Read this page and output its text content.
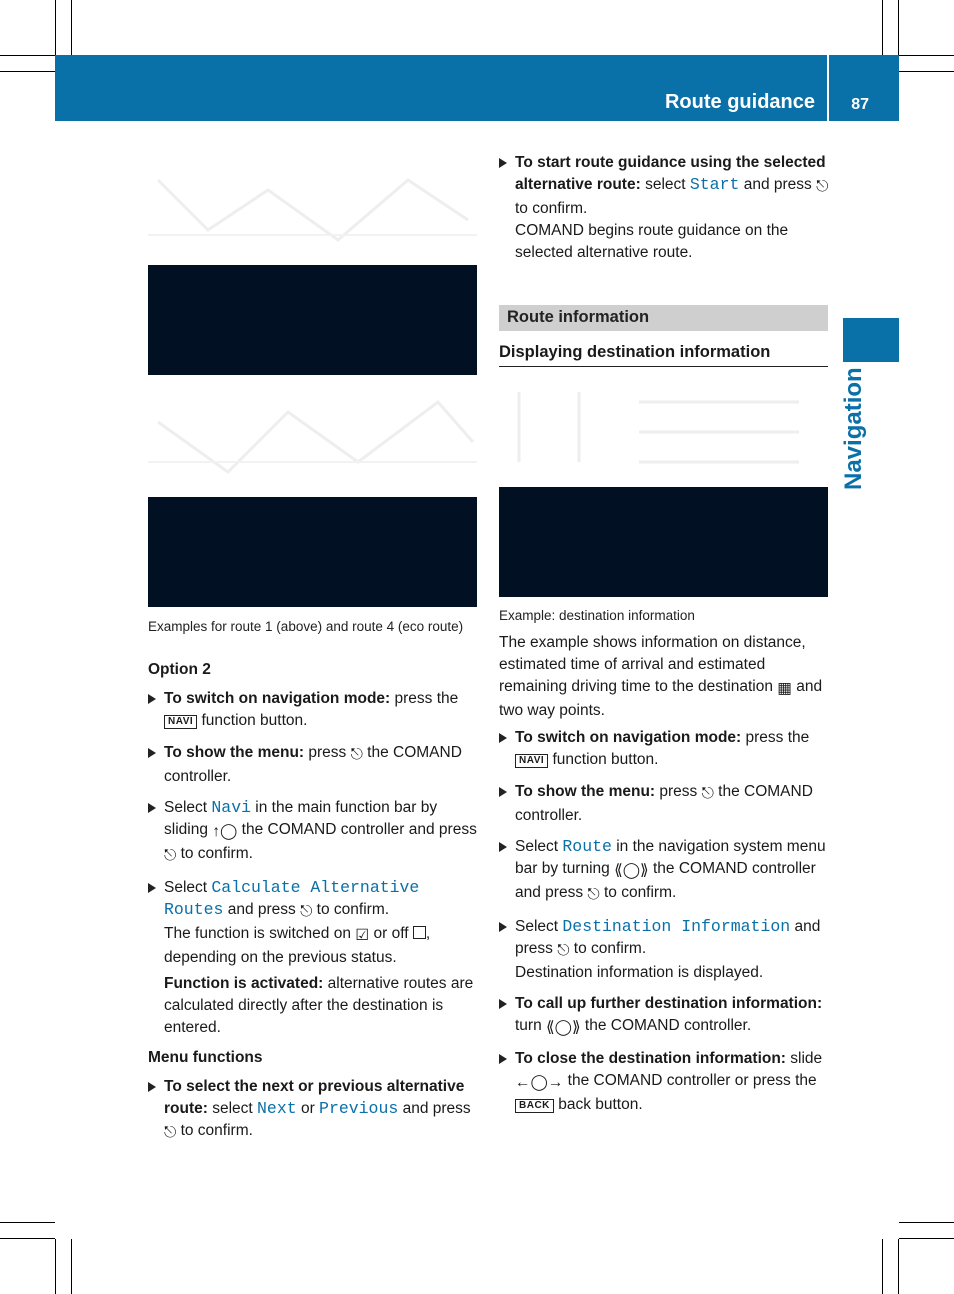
Route guidance 87
Navigation
Examples for route 1 (above) and route 4 (eco route)

Option 2

To switch on navigation mode: press the NAVI function button.
To show the menu: press ⎋ the COMAND controller.
Select Navi in the main function bar by sliding ↑◯ the COMAND controller and press ⎋ to confirm.
Select Calculate Alternative Routes and press ⎋ to confirm.
The function is switched on ☑ or off , depending on the previous status.

Function is activated: alternative routes are calculated directly after the destination is entered.

Menu functions

To select the next or previous alternative route: select Next or Previous and press ⎋ to confirm.
To start route guidance using the selected alternative route: select Start and press ⎋ to confirm.
COMAND begins route guidance on the selected alternative route.
Route information
Displaying destination information
Example: destination information

The example shows information on distance, estimated time of arrival and estimated remaining driving time to the destination ▦ and two way points.

To switch on navigation mode: press the NAVI function button.
To show the menu: press ⎋ the COMAND controller.
Select Route in the navigation system menu bar by turning ⟪◯⟫ the COMAND controller and press ⎋ to confirm.
Select Destination Information and press ⎋ to confirm.
Destination information is displayed.
To call up further destination information: turn ⟪◯⟫ the COMAND controller.
To close the destination information: slide ←◯→ the COMAND controller or press the BACK back button.
